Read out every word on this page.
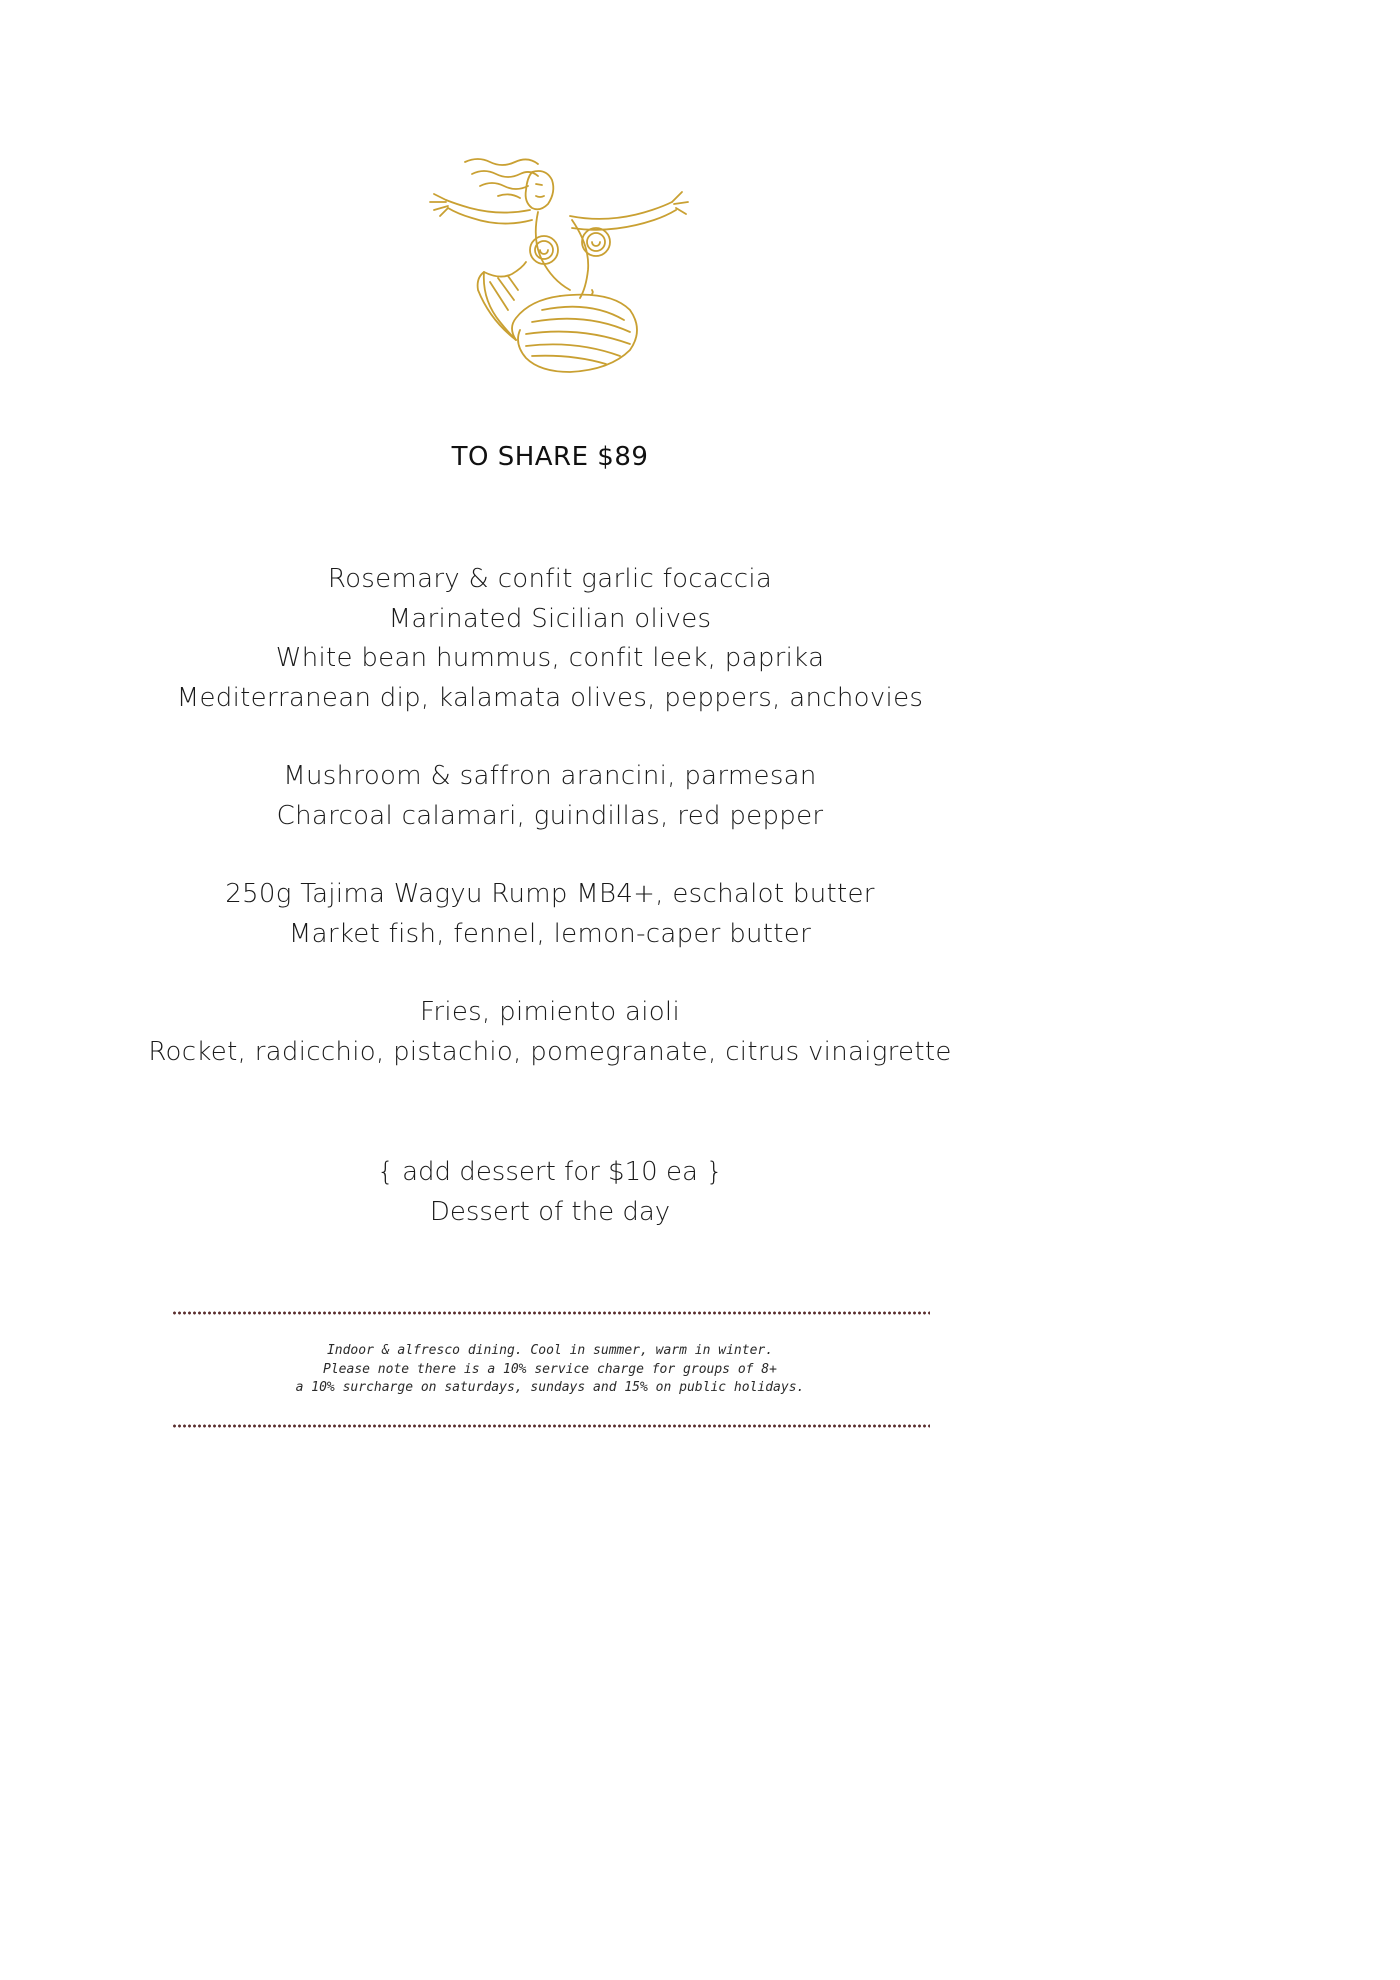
TO SHARE $89
Rosemary & confit garlic focaccia
Marinated Sicilian olives
White bean hummus, confit leek, paprika
Mediterranean dip, kalamata olives, peppers, anchovies
Mushroom & saffron arancini, parmesan
Charcoal calamari, guindillas, red pepper
250g Tajima Wagyu Rump MB4+, eschalot butter
Market fish, fennel, lemon-caper butter
Fries, pimiento aioli
Rocket, radicchio, pistachio, pomegranate, citrus vinaigrette
{ add dessert for $10 ea }
Dessert of the day
Indoor & alfresco dining. Cool in summer, warm in winter.
Please note there is a 10% service charge for groups of 8+
a 10% surcharge on saturdays, sundays and 15% on public holidays.
